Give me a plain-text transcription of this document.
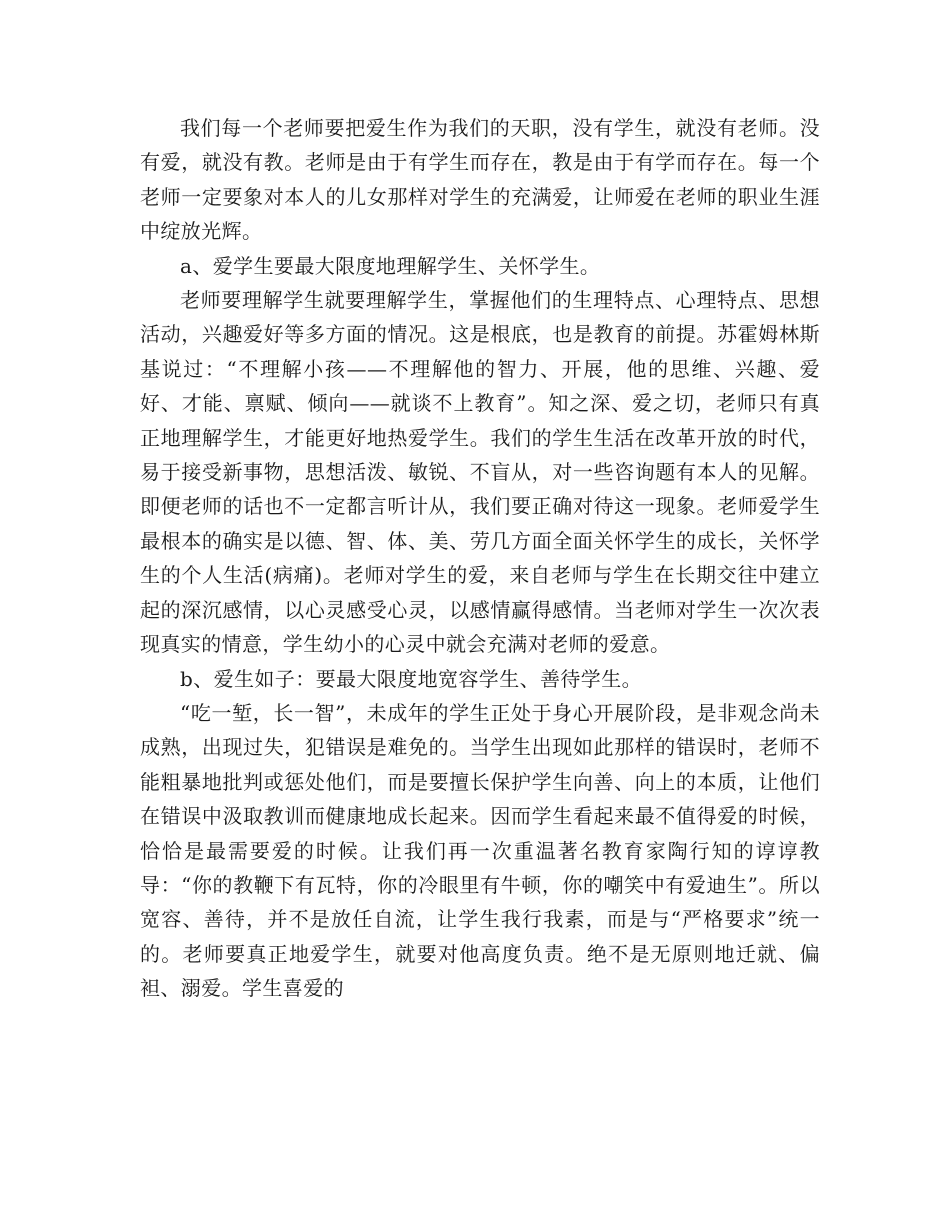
我们每一个老师要把爱生作为我们的天职，没有学生，就没有老师。没有爱，就没有教。老师是由于有学生而存在，教是由于有学而存在。每一个老师一定要象对本人的儿女那样对学生的充满爱，让师爱在老师的职业生涯中绽放光辉。

a、爱学生要最大限度地理解学生、关怀学生。

老师要理解学生就要理解学生，掌握他们的生理特点、心理特点、思想活动，兴趣爱好等多方面的情况。这是根底，也是教育的前提。苏霍姆林斯基说过：“不理解小孩——不理解他的智力、开展，他的思维、兴趣、爱好、才能、禀赋、倾向——就谈不上教育”。知之深、爱之切，老师只有真正地理解学生，才能更好地热爱学生。我们的学生生活在改革开放的时代，易于接受新事物，思想活泼、敏锐、不盲从，对一些咨询题有本人的见解。即便老师的话也不一定都言听计从，我们要正确对待这一现象。老师爱学生最根本的确实是以德、智、体、美、劳几方面全面关怀学生的成长，关怀学生的个人生活(病痛)。老师对学生的爱，来自老师与学生在长期交往中建立起的深沉感情，以心灵感受心灵，以感情赢得感情。当老师对学生一次次表现真实的情意，学生幼小的心灵中就会充满对老师的爱意。

b、爱生如子：要最大限度地宽容学生、善待学生。

“吃一堑，长一智”，未成年的学生正处于身心开展阶段，是非观念尚未成熟，出现过失，犯错误是难免的。当学生出现如此那样的错误时，老师不能粗暴地批判或惩处他们，而是要擅长保护学生向善、向上的本质，让他们在错误中汲取教训而健康地成长起来。因而学生看起来最不值得爱的时候，恰恰是最需要爱的时候。让我们再一次重温著名教育家陶行知的谆谆教导：“你的教鞭下有瓦特，你的冷眼里有牛顿，你的嘲笑中有爱迪生”。所以宽容、善待，并不是放任自流，让学生我行我素，而是与“严格要求”统一的。老师要真正地爱学生，就要对他高度负责。绝不是无原则地迁就、偏袒、溺爱。学生喜爱的
